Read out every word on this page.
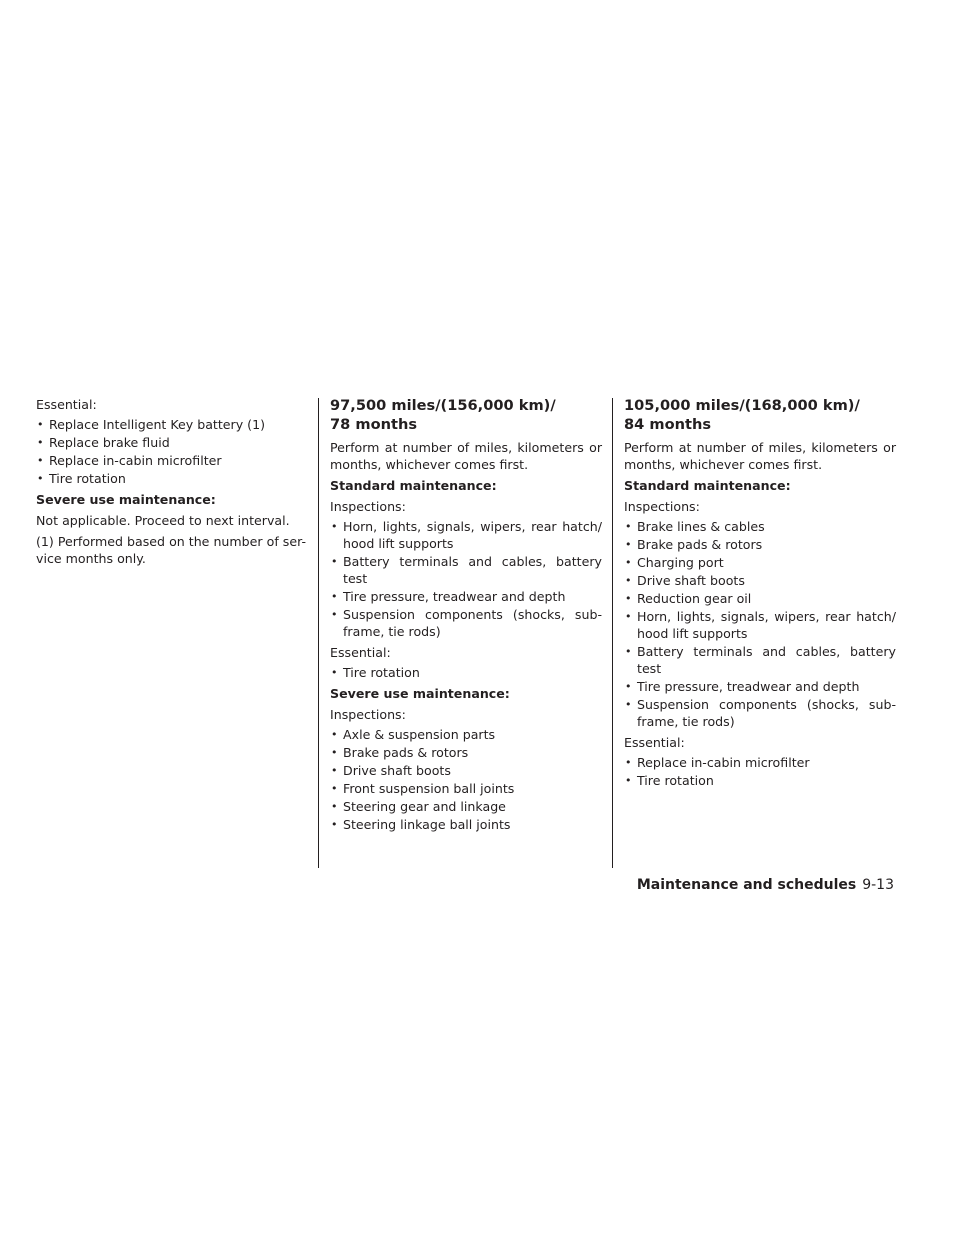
Essential:
• Replace Intelligent Key battery (1)
• Replace brake fluid
• Replace in-cabin microfilter
• Tire rotation
Severe use maintenance:

Not applicable. Proceed to next interval.

(1) Performed based on the number of ser-vice months only.

97,500 miles/(156,000 km)/
78 months

Perform at number of miles, kilometers or months, whichever comes first.

Standard maintenance:
Inspections:
• Horn, lights, signals, wipers, rear hatch/ hood lift supports
• Battery terminals and cables, battery test
• Tire pressure, treadwear and depth
• Suspension components (shocks, sub-frame, tie rods)
Essential:
• Tire rotation
Severe use maintenance:
Inspections:
• Axle & suspension parts
• Brake pads & rotors
• Drive shaft boots
• Front suspension ball joints
• Steering gear and linkage
• Steering linkage ball joints
105,000 miles/(168,000 km)/
84 months

Perform at number of miles, kilometers or months, whichever comes first.

Standard maintenance:
Inspections:
• Brake lines & cables
• Brake pads & rotors
• Charging port
• Drive shaft boots
• Reduction gear oil
• Horn, lights, signals, wipers, rear hatch/ hood lift supports
• Battery terminals and cables, battery test
• Tire pressure, treadwear and depth
• Suspension components (shocks, sub-frame, tie rods)
Essential:
• Replace in-cabin microfilter
• Tire rotation
Maintenance and schedules 9-13
